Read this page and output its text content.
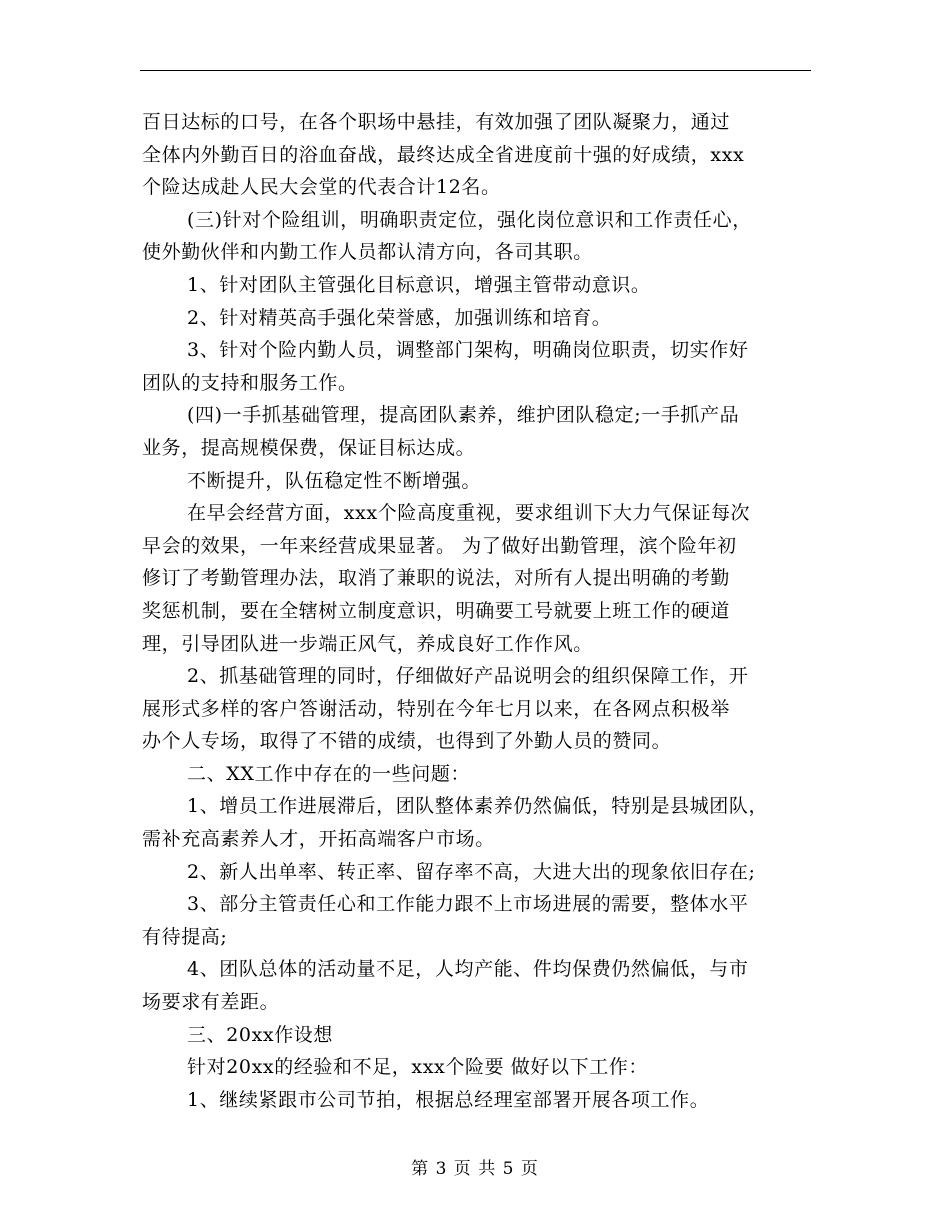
百日达标的口号，在各个职场中悬挂，有效加强了团队凝聚力，通过
全体内外勤百日的浴血奋战，最终达成全省进度前十强的好成绩，xxx
个险达成赴人民大会堂的代表合计12名。
(三)针对个险组训，明确职责定位，强化岗位意识和工作责任心，
使外勤伙伴和内勤工作人员都认清方向，各司其职。
1、针对团队主管强化目标意识，增强主管带动意识。
2、针对精英高手强化荣誉感，加强训练和培育。
3、针对个险内勤人员，调整部门架构，明确岗位职责，切实作好
团队的支持和服务工作。
(四)一手抓基础管理，提高团队素养，维护团队稳定;一手抓产品
业务，提高规模保费，保证目标达成。
不断提升，队伍稳定性不断增强。
在早会经营方面，xxx个险高度重视，要求组训下大力气保证每次
早会的效果，一年来经营成果显著。 为了做好出勤管理，滨个险年初
修订了考勤管理办法，取消了兼职的说法，对所有人提出明确的考勤
奖惩机制，要在全辖树立制度意识，明确要工号就要上班工作的硬道
理，引导团队进一步端正风气，养成良好工作作风。
2、抓基础管理的同时，仔细做好产品说明会的组织保障工作，开
展形式多样的客户答谢活动，特别在今年七月以来，在各网点积极举
办个人专场，取得了不错的成绩，也得到了外勤人员的赞同。
二、XX工作中存在的一些问题：
1、增员工作进展滞后，团队整体素养仍然偏低，特别是县城团队，
需补充高素养人才，开拓高端客户市场。
2、新人出单率、转正率、留存率不高，大进大出的现象依旧存在;
3、部分主管责任心和工作能力跟不上市场进展的需要，整体水平
有待提高;
4、团队总体的活动量不足，人均产能、件均保费仍然偏低，与市
场要求有差距。
三、20xx作设想
针对20xx的经验和不足，xxx个险要 做好以下工作：
1、继续紧跟市公司节拍，根据总经理室部署开展各项工作。
第 3 页 共 5 页
